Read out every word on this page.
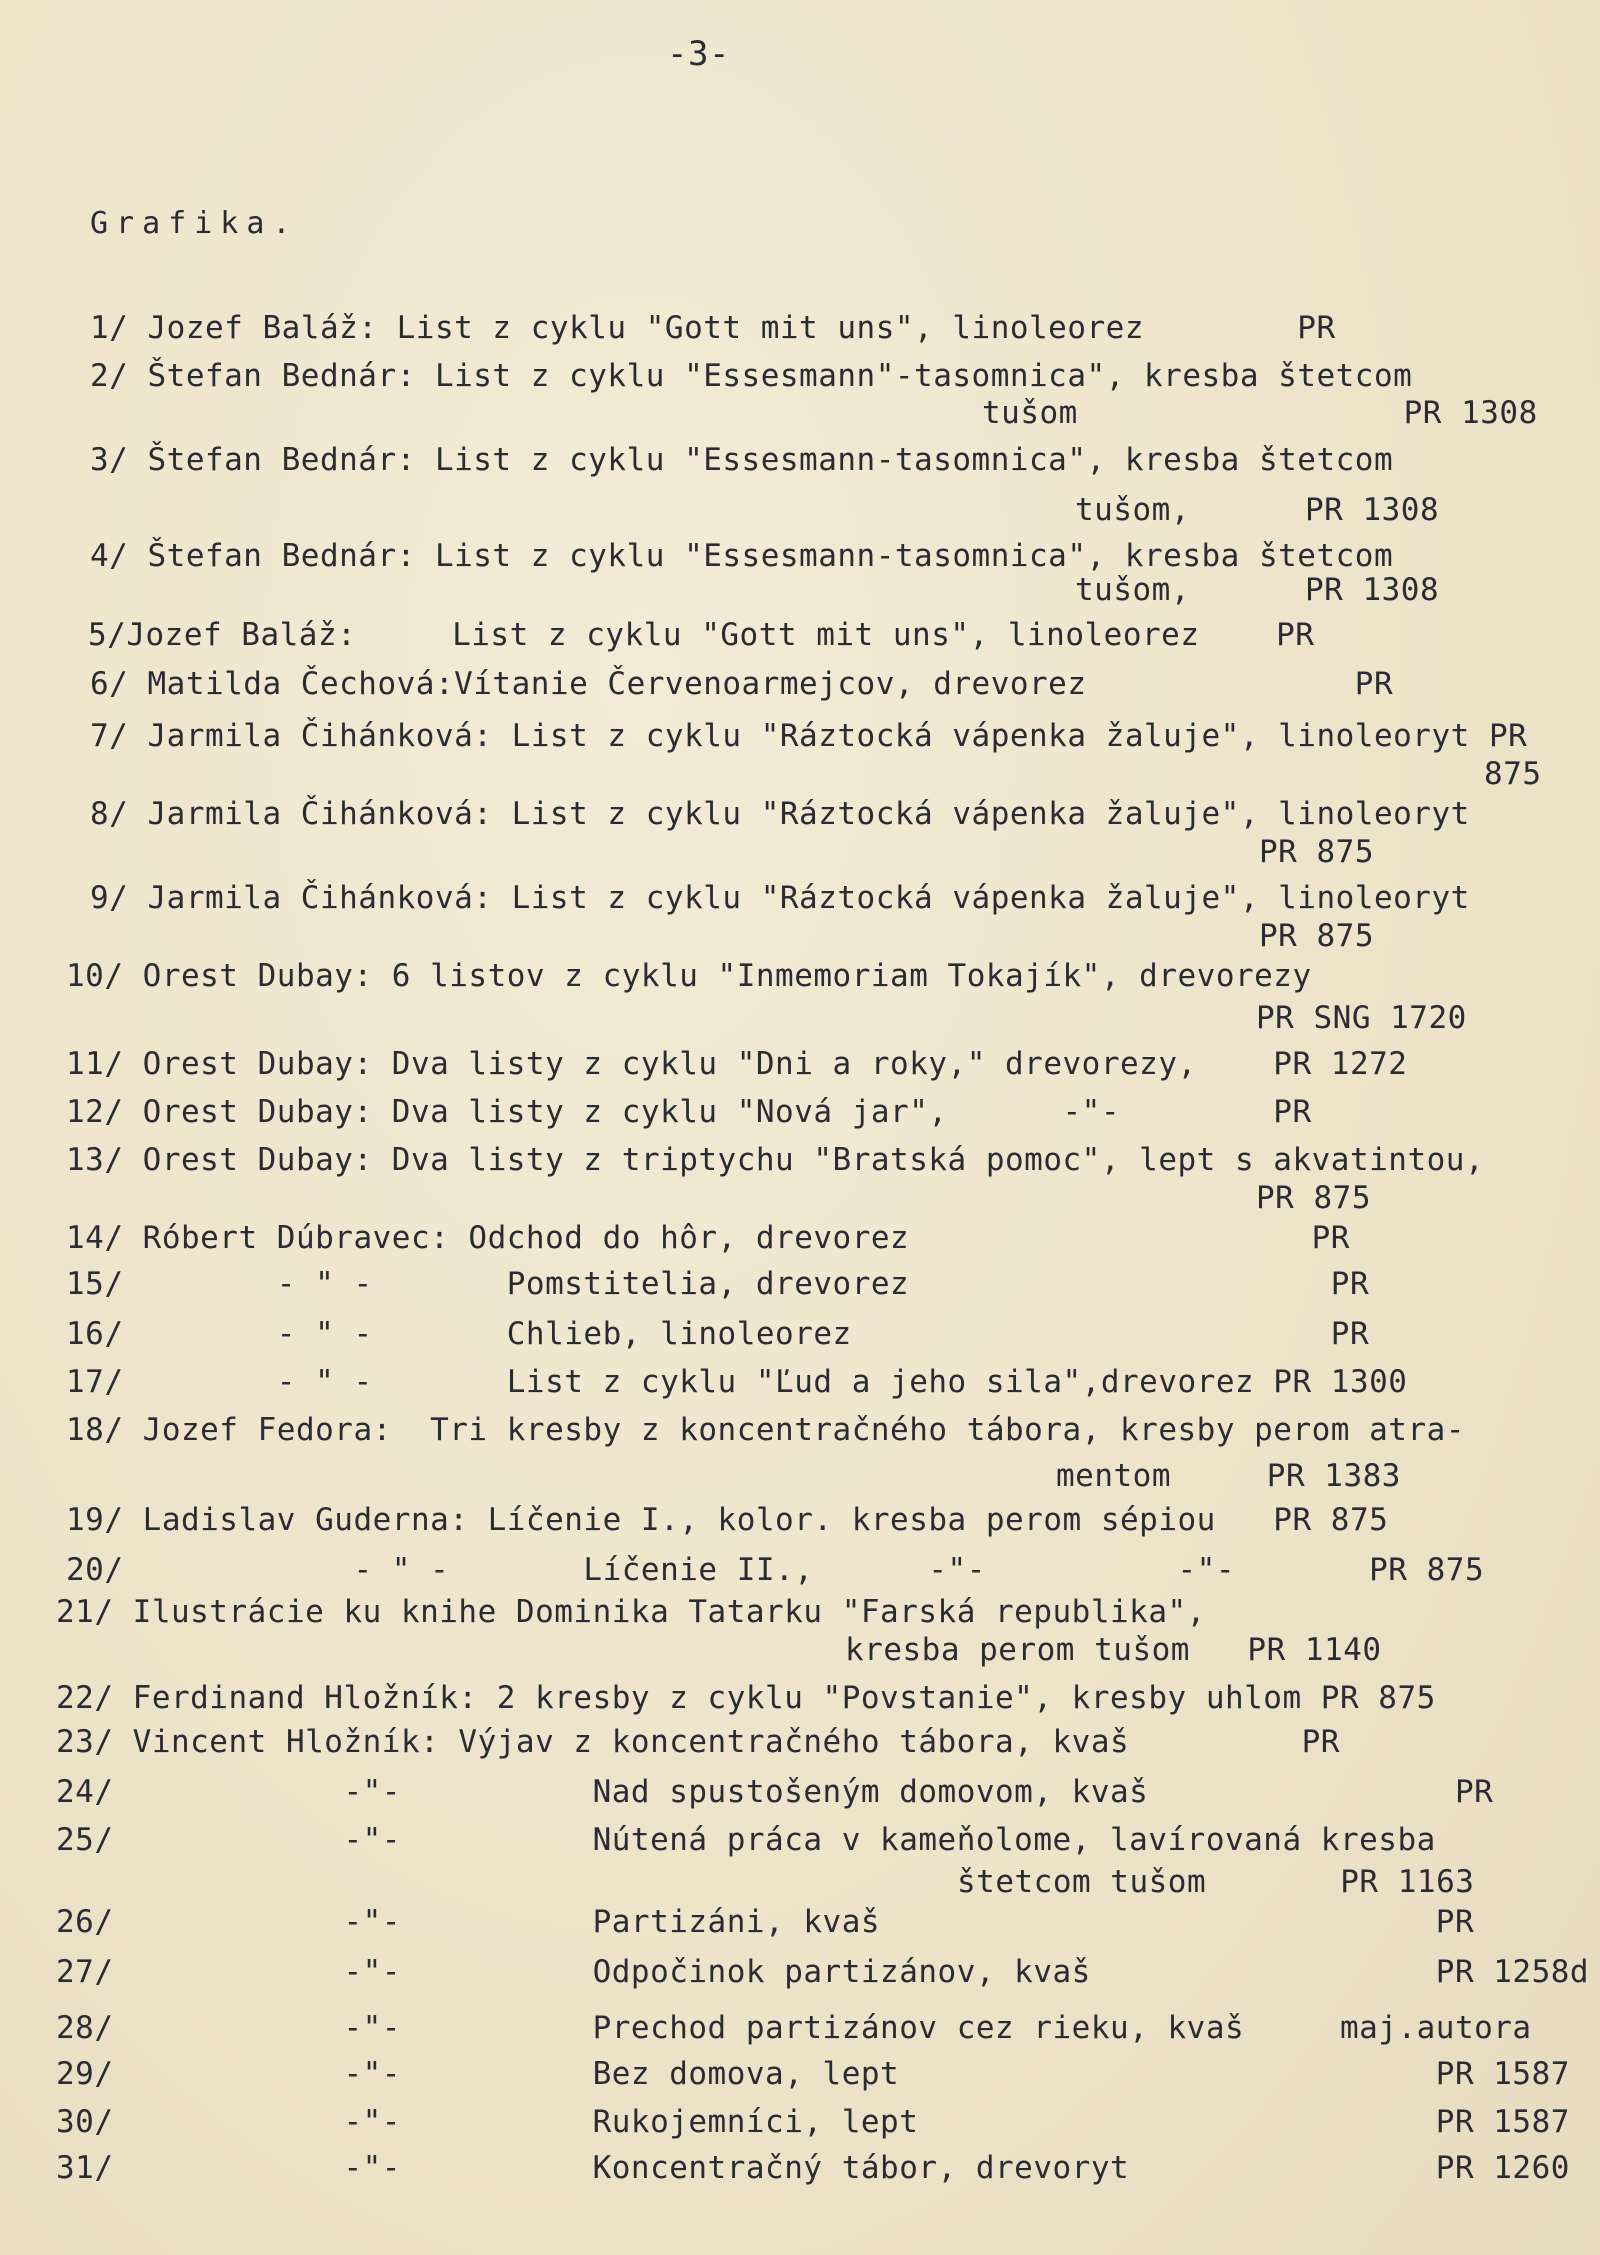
-3-
Grafika.
1/ Jozef Baláž: List z cyklu "Gott mit uns", linoleorez        PR
2/ Štefan Bednár: List z cyklu "Essesmann"-tasomnica", kresba štetcom
tušom                 PR 1308
3/ Štefan Bednár: List z cyklu "Essesmann-tasomnica", kresba štetcom
tušom,      PR 1308
4/ Štefan Bednár: List z cyklu "Essesmann-tasomnica", kresba štetcom
tušom,      PR 1308
5/Jozef Baláž:     List z cyklu "Gott mit uns", linoleorez    PR
6/ Matilda Čechová:Vítanie Červenoarmejcov, drevorez              PR
7/ Jarmila Čihánková: List z cyklu "Ráztocká vápenka žaluje", linoleoryt PR
875
8/ Jarmila Čihánková: List z cyklu "Ráztocká vápenka žaluje", linoleoryt
PR 875
9/ Jarmila Čihánková: List z cyklu "Ráztocká vápenka žaluje", linoleoryt
PR 875
10/ Orest Dubay: 6 listov z cyklu "Inmemoriam Tokajík", drevorezy
PR SNG 1720
11/ Orest Dubay: Dva listy z cyklu "Dni a roky," drevorezy,    PR 1272
12/ Orest Dubay: Dva listy z cyklu "Nová jar",      -"-        PR
13/ Orest Dubay: Dva listy z triptychu "Bratská pomoc", lept s akvatintou,
PR 875
14/ Róbert Dúbravec: Odchod do hôr, drevorez                     PR
15/        - " -       Pomstitelia, drevorez                      PR
16/        - " -       Chlieb, linoleorez                         PR
17/        - " -       List z cyklu "Ľud a jeho sila",drevorez PR 1300
18/ Jozef Fedora:  Tri kresby z koncentračného tábora, kresby perom atra-
mentom     PR 1383
19/ Ladislav Guderna: Líčenie I., kolor. kresba perom sépiou   PR 875
20/            - " -       Líčenie II.,      -"-          -"-       PR 875
21/ Ilustrácie ku knihe Dominika Tatarku "Farská republika",
kresba perom tušom   PR 1140
22/ Ferdinand Hložník: 2 kresby z cyklu "Povstanie", kresby uhlom PR 875
23/ Vincent Hložník: Výjav z koncentračného tábora, kvaš         PR
24/            -"-          Nad spustošeným domovom, kvaš                PR
25/            -"-          Nútená práca v kameňolome, lavírovaná kresba
štetcom tušom       PR 1163
26/            -"-          Partizáni, kvaš                             PR
27/            -"-          Odpočinok partizánov, kvaš                  PR 1258d
28/            -"-          Prechod partizánov cez rieku, kvaš     maj.autora
29/            -"-          Bez domova, lept                            PR 1587
30/            -"-          Rukojemníci, lept                           PR 1587
31/            -"-          Koncentračný tábor, drevoryt                PR 1260
